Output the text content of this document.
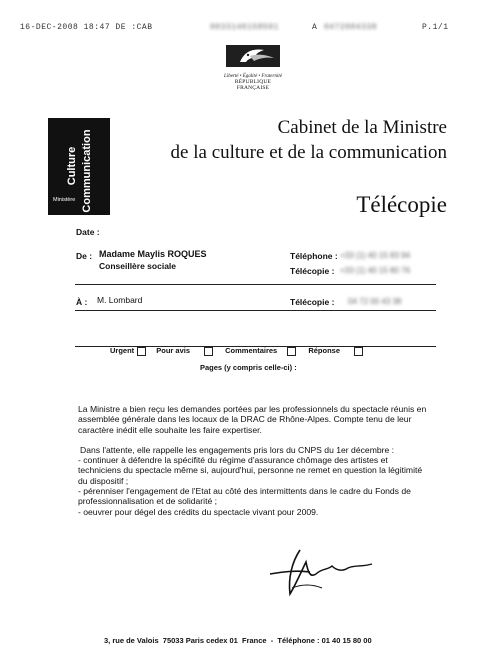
16-DEC-2008 18:47 DE :CAB	0033140158591	A 0472004338	P.1/1
Liberté • Égalité • Fraternité
RÉPUBLIQUE FRANÇAISE
Culture Communication
Ministère
Cabinet de la Ministre
de la culture et de la communication
Télécopie
Date :
De : Madame Maylis ROQUES
Conseillère sociale
Téléphone : +33 (1) 40 15 83 94
Télécopie : +33 (1) 40 15 80 76
À : M. Lombard	Télécopie : 04 72 00 43 38
Urgent	Pour avis	Commentaires	Réponse
Pages (y compris celle-ci) :

La Ministre a bien reçu les demandes portées par les professionnels du spectacle réunis en assemblée générale dans les locaux de la DRAC de Rhône-Alpes. Compte tenu de leur caractère inédit elle souhaite les faire expertiser.

Dans l'attente, elle rappelle les engagements pris lors du CNPS du 1er décembre :

- continuer à défendre la spécifité du régime d'assurance chômage des artistes et techniciens du spectacle même si, aujourd'hui, personne ne remet en question la légitimité du dispositif ;

- pérenniser l'engagement de l'Etat au côté des intermittents dans le cadre du Fonds de professionnalisation et de solidarité ;

- oeuvrer pour dégel des crédits du spectacle vivant pour 2009.

3, rue de Valois  75033 Paris cedex 01  France  -  Téléphone : 01 40 15 80 00
